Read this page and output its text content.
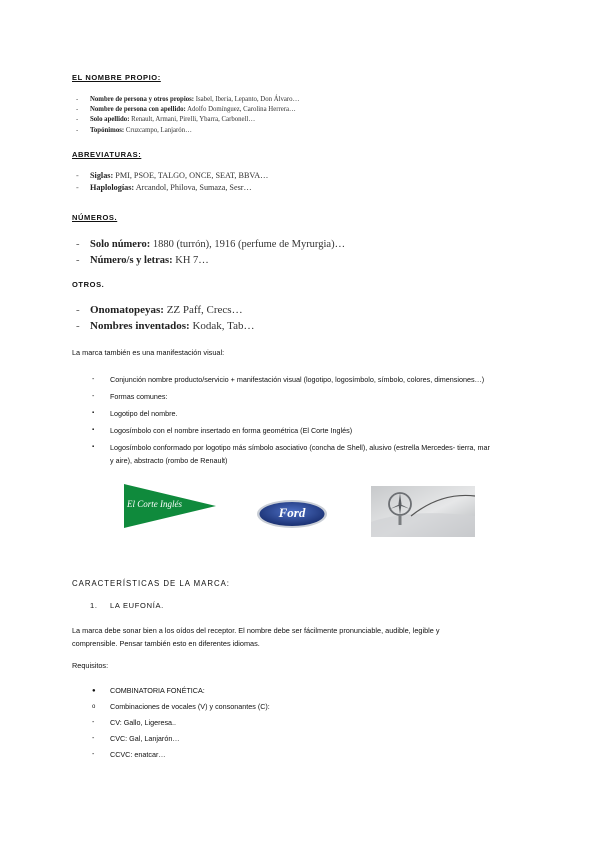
EL NOMBRE PROPIO:
- Nombre de persona y otros propios: Isabel, Iberia, Lepanto, Don Álvaro…
- Nombre de persona con apellido: Adolfo Domínguez, Carolina Herrera…
- Solo apellido: Renault, Armani, Pirelli, Ybarra, Carbonell…
- Topónimos: Cruzcampo, Lanjarón…
ABREVIATURAS:
- Siglas: PMI, PSOE, TALGO, ONCE, SEAT, BBVA…
- Haplologías: Arcandol, Philova, Sumaza, Sesr…
NÚMEROS.
- Solo número: 1880 (turrón), 1916 (perfume de Myrurgia)…
- Número/s y letras: KH 7…
OTROS.
- Onomatopeyas: ZZ Paff, Crecs…
- Nombres inventados: Kodak, Tab…
La marca también es una manifestación visual:
- Conjunción nombre producto/servicio + manifestación visual (logotipo, logosímbolo, símbolo, colores, dimensiones…)
- Formas comunes:
▪ Logotipo del nombre.
▪ Logosímbolo con el nombre insertado en forma geométrica (El Corte Inglés)
▪ Logosímbolo conformado por logotipo más símbolo asociativo (concha de Shell), alusivo (estrella Mercedes- tierra, mar y aire), abstracto (rombo de Renault)
El Corte Inglés
Ford
CARACTERÍSTICAS DE LA MARCA:
1. LA EUFONÍA.
La marca debe sonar bien a los oídos del receptor. El nombre debe ser fácilmente pronunciable, audible, legible y
comprensible. Pensar también esto en diferentes idiomas.
Requisitos:
● COMBINATORIA FONÉTICA:
o Combinaciones de vocales (V) y consonantes (C):
- CV: Gallo, Ligeresa..
- CVC: Gal, Lanjarón…
- CCVC: enatcar…
